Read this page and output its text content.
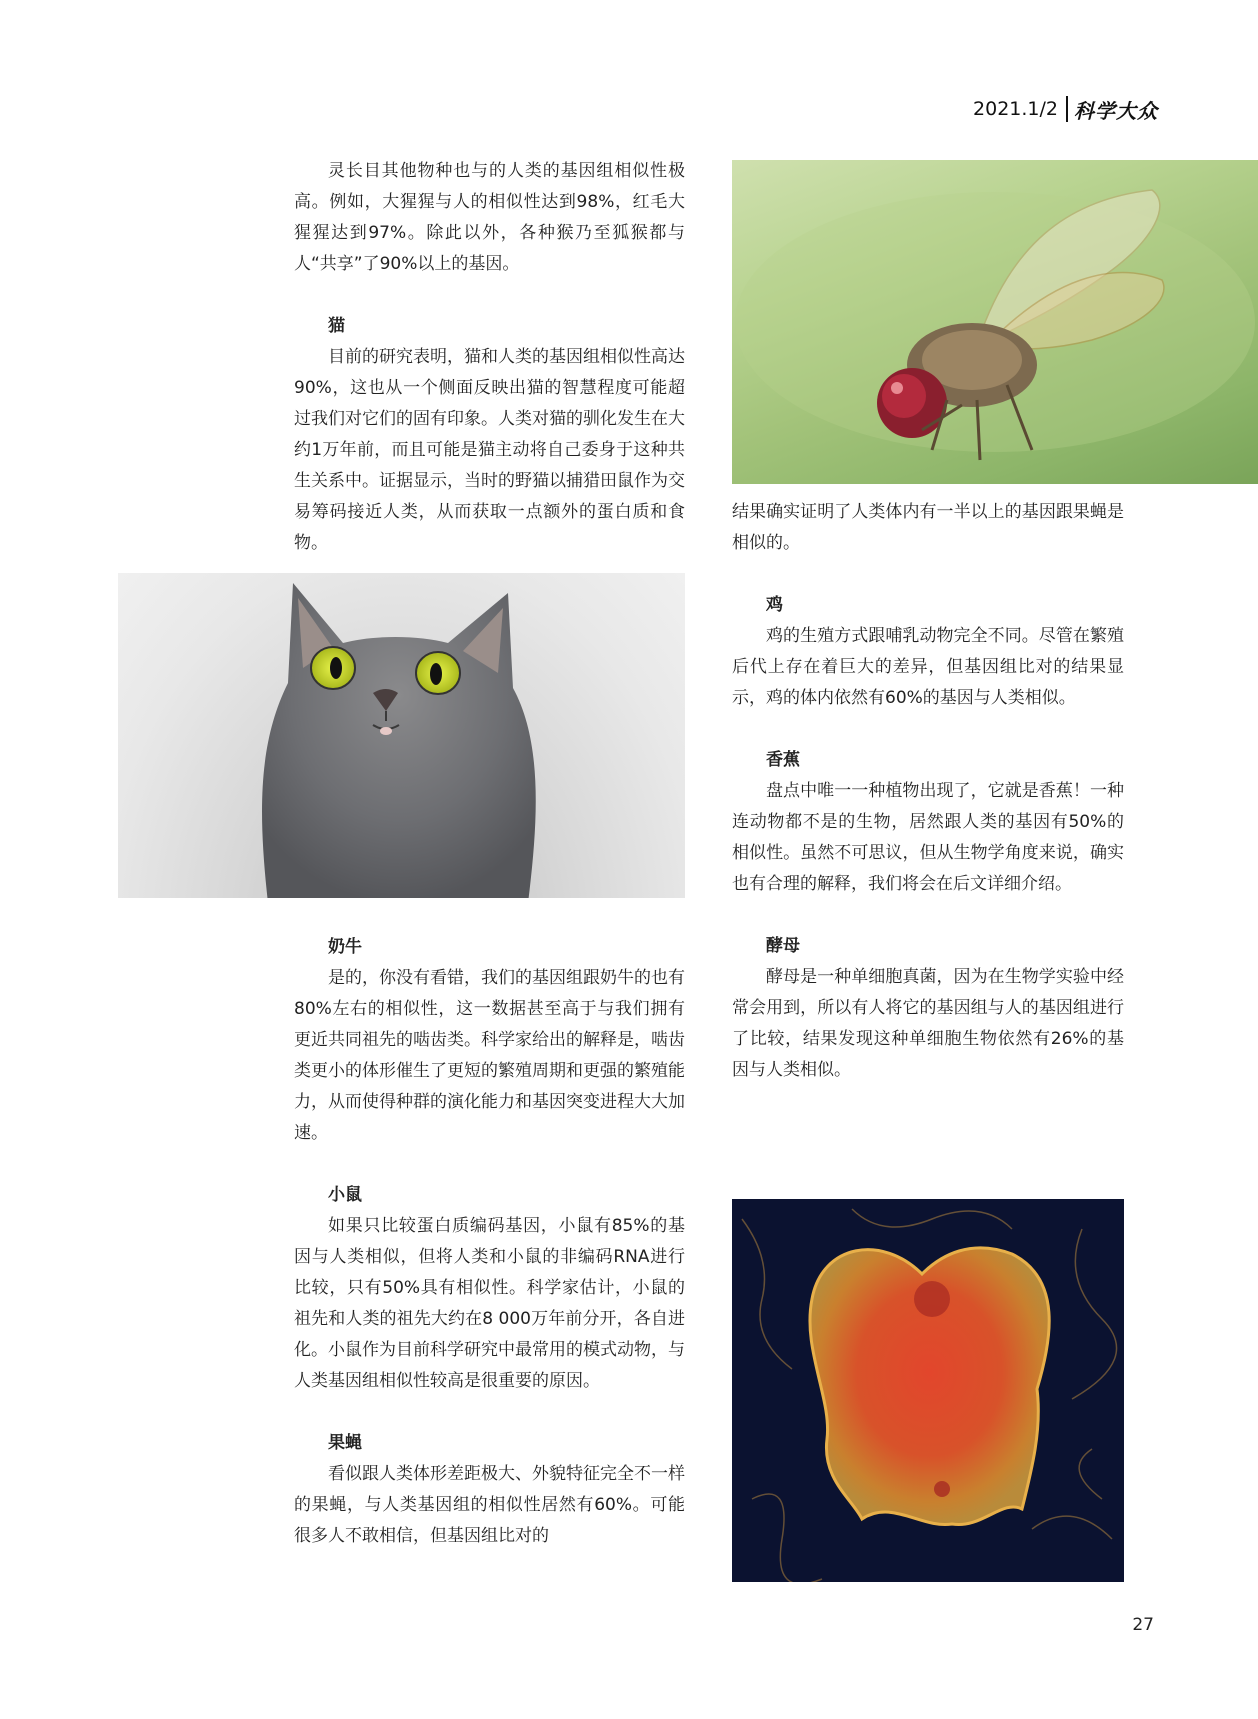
2021.1/2 科学大众

灵长目其他物种也与的人类的基因组相似性极高。例如，大猩猩与人的相似性达到98%，红毛大猩猩达到97%。除此以外，各种猴乃至狐猴都与人“共享”了90%以上的基因。

猫

目前的研究表明，猫和人类的基因组相似性高达90%，这也从一个侧面反映出猫的智慧程度可能超过我们对它们的固有印象。人类对猫的驯化发生在大约1万年前，而且可能是猫主动将自己委身于这种共生关系中。证据显示，当时的野猫以捕猎田鼠作为交易筹码接近人类，从而获取一点额外的蛋白质和食物。

奶牛

是的，你没有看错，我们的基因组跟奶牛的也有80%左右的相似性，这一数据甚至高于与我们拥有更近共同祖先的啮齿类。科学家给出的解释是，啮齿类更小的体形催生了更短的繁殖周期和更强的繁殖能力，从而使得种群的演化能力和基因突变进程大大加速。

小鼠

如果只比较蛋白质编码基因，小鼠有85%的基因与人类相似，但将人类和小鼠的非编码RNA进行比较，只有50%具有相似性。科学家估计，小鼠的祖先和人类的祖先大约在8 000万年前分开，各自进化。小鼠作为目前科学研究中最常用的模式动物，与人类基因组相似性较高是很重要的原因。

果蝇

看似跟人类体形差距极大、外貌特征完全不一样的果蝇，与人类基因组的相似性居然有60%。可能很多人不敢相信，但基因组比对的

结果确实证明了人类体内有一半以上的基因跟果蝇是相似的。

鸡

鸡的生殖方式跟哺乳动物完全不同。尽管在繁殖后代上存在着巨大的差异，但基因组比对的结果显示，鸡的体内依然有60%的基因与人类相似。

香蕉

盘点中唯一一种植物出现了，它就是香蕉！一种连动物都不是的生物，居然跟人类的基因有50%的相似性。虽然不可思议，但从生物学角度来说，确实也有合理的解释，我们将会在后文详细介绍。

酵母

酵母是一种单细胞真菌，因为在生物学实验中经常会用到，所以有人将它的基因组与人的基因组进行了比较，结果发现这种单细胞生物依然有26%的基因与人类相似。

27
